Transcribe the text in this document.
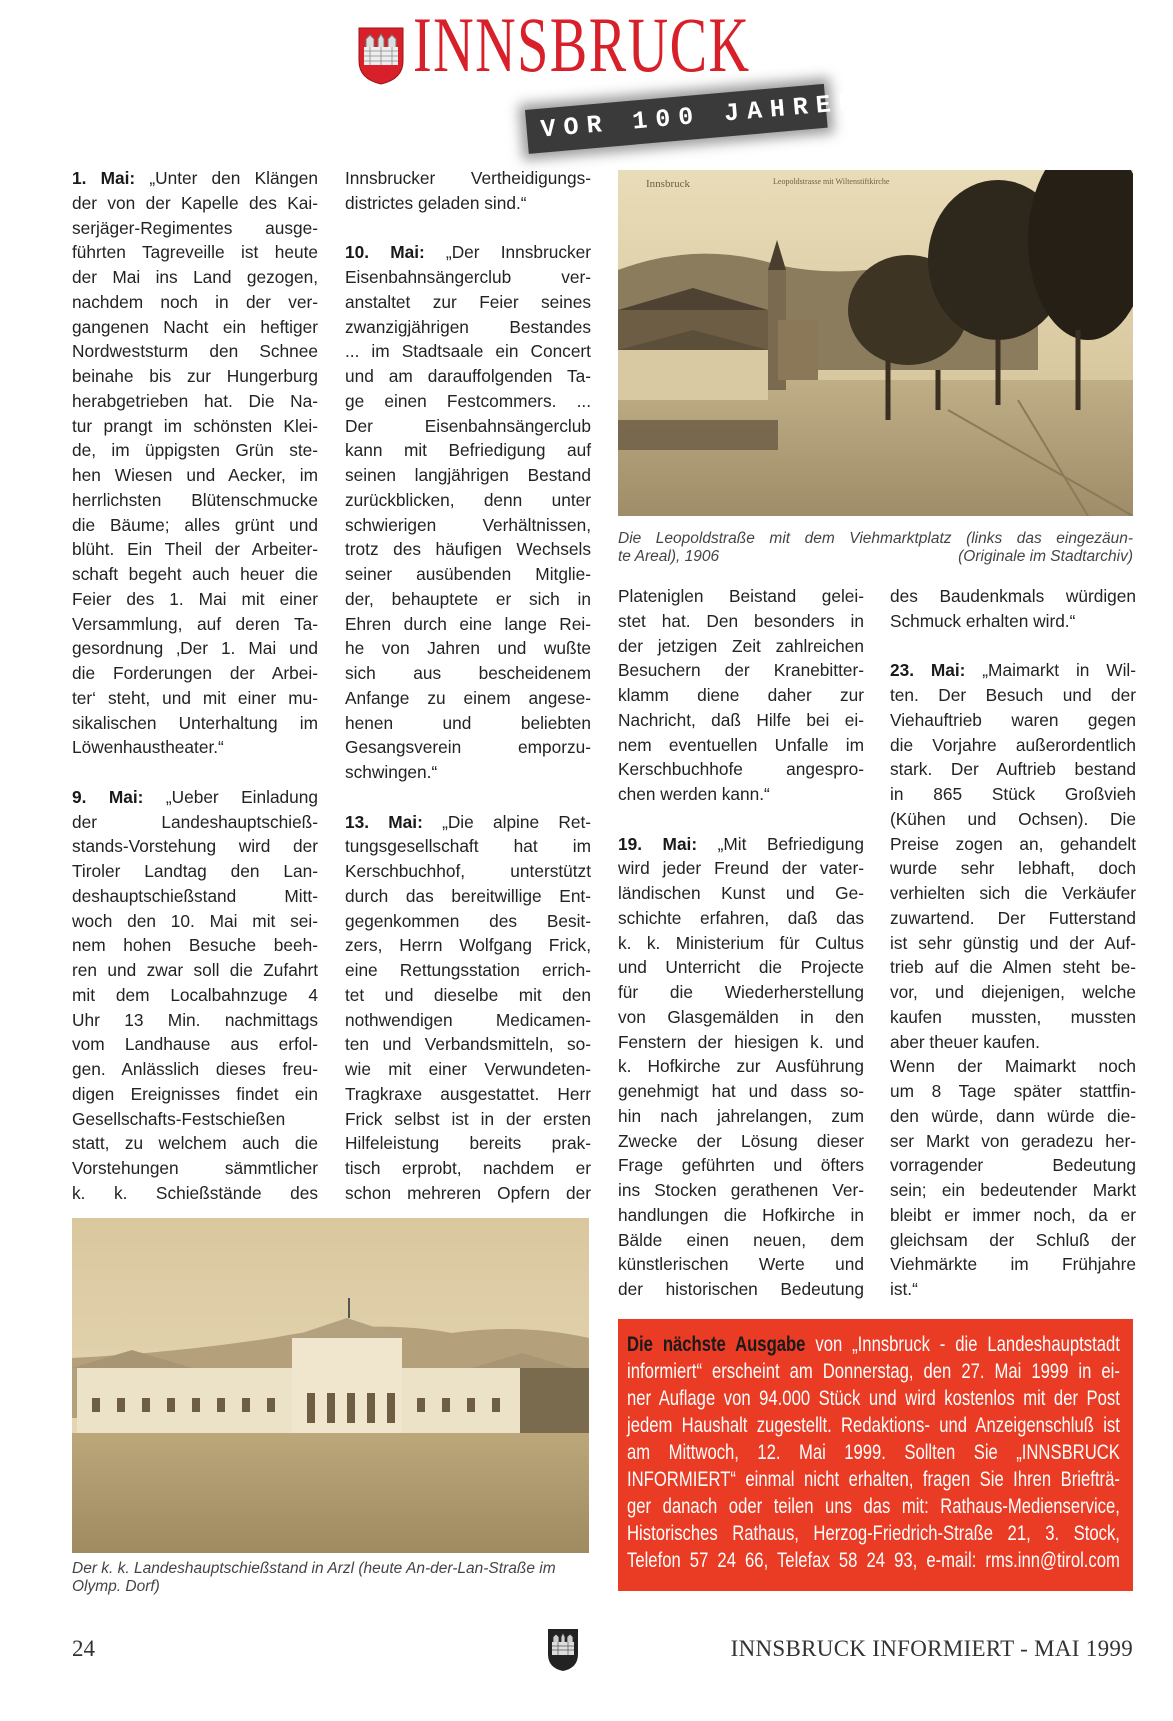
INNSBRUCK
VOR 100 JAHREN
1. Mai: „Unter den Klängen
der von der Kapelle des Kai-
serjäger-Regimentes ausge-
führten Tagreveille ist heute
der Mai ins Land gezogen,
nachdem noch in der ver-
gangenen Nacht ein heftiger
Nordweststurm den Schnee
beinahe bis zur Hungerburg
herabgetrieben hat. Die Na-
tur prangt im schönsten Klei-
de, im üppigsten Grün ste-
hen Wiesen und Aecker, im
herrlichsten Blütenschmucke
die Bäume; alles grünt und
blüht. Ein Theil der Arbeiter-
schaft begeht auch heuer die
Feier des 1. Mai mit einer
Versammlung, auf deren Ta-
gesordnung ‚Der 1. Mai und
die Forderungen der Arbei-
ter‘ steht, und mit einer mu-
sikalischen Unterhaltung im
Löwenhaustheater.“
9. Mai: „Ueber Einladung
der Landeshauptschieß-
stands-Vorstehung wird der
Tiroler Landtag den Lan-
deshauptschießstand Mitt-
woch den 10. Mai mit sei-
nem hohen Besuche beeh-
ren und zwar soll die Zufahrt
mit dem Localbahnzuge 4
Uhr 13 Min. nachmittags
vom Landhause aus erfol-
gen. Anlässlich dieses freu-
digen Ereignisses findet ein
Gesellschafts-Festschießen
statt, zu welchem auch die
Vorstehungen sämmtlicher
k. k. Schießstände des
Innsbrucker Vertheidigungs-
districtes geladen sind.“
10. Mai: „Der Innsbrucker
Eisenbahnsängerclub ver-
anstaltet zur Feier seines
zwanzigjährigen Bestandes
... im Stadtsaale ein Concert
und am darauffolgenden Ta-
ge einen Festcommers. ...
Der Eisenbahnsängerclub
kann mit Befriedigung auf
seinen langjährigen Bestand
zurückblicken, denn unter
schwierigen Verhältnissen,
trotz des häufigen Wechsels
seiner ausübenden Mitglie-
der, behauptete er sich in
Ehren durch eine lange Rei-
he von Jahren und wußte
sich aus bescheidenem
Anfange zu einem angese-
henen und beliebten
Gesangsverein emporzu-
schwingen.“
13. Mai: „Die alpine Ret-
tungsgesellschaft hat im
Kerschbuchhof, unterstützt
durch das bereitwillige Ent-
gegenkommen des Besit-
zers, Herrn Wolfgang Frick,
eine Rettungsstation errich-
tet und dieselbe mit den
nothwendigen Medicamen-
ten und Verbandsmitteln, so-
wie mit einer Verwundeten-
Tragkraxe ausgestattet. Herr
Frick selbst ist in der ersten
Hilfeleistung bereits prak-
tisch erprobt, nachdem er
schon mehreren Opfern der
Plateniglen Beistand gelei-
stet hat. Den besonders in
der jetzigen Zeit zahlreichen
Besuchern der Kranebitter-
klamm diene daher zur
Nachricht, daß Hilfe bei ei-
nem eventuellen Unfalle im
Kerschbuchhofe angespro-
chen werden kann.“
19. Mai: „Mit Befriedigung
wird jeder Freund der vater-
ländischen Kunst und Ge-
schichte erfahren, daß das
k. k. Ministerium für Cultus
und Unterricht die Projecte
für die Wiederherstellung
von Glasgemälden in den
Fenstern der hiesigen k. und
k. Hofkirche zur Ausführung
genehmigt hat und dass so-
hin nach jahrelangen, zum
Zwecke der Lösung dieser
Frage geführten und öfters
ins Stocken gerathenen Ver-
handlungen die Hofkirche in
Bälde einen neuen, dem
künstlerischen Werte und
der historischen Bedeutung
des Baudenkmals würdigen
Schmuck erhalten wird.“
23. Mai: „Maimarkt in Wil-
ten. Der Besuch und der
Viehauftrieb waren gegen
die Vorjahre außerordentlich
stark. Der Auftrieb bestand
in 865 Stück Großvieh
(Kühen und Ochsen). Die
Preise zogen an, gehandelt
wurde sehr lebhaft, doch
verhielten sich die Verkäufer
zuwartend. Der Futterstand
ist sehr günstig und der Auf-
trieb auf die Almen steht be-
vor, und diejenigen, welche
kaufen mussten, mussten
aber theuer kaufen.
Wenn der Maimarkt noch
um 8 Tage später stattfin-
den würde, dann würde die-
ser Markt von geradezu her-
vorragender Bedeutung
sein; ein bedeutender Markt
bleibt er immer noch, da er
gleichsam der Schluß der
Viehmärkte im Frühjahre
ist.“
Innsbruck	Leopoldstrasse mit Wiltenstiftkirche
Die Leopoldstraße mit dem Viehmarktplatz (links das eingezäun-
te Areal), 1906	(Originale im Stadtarchiv)
Der k. k. Landeshauptschießstand in Arzl (heute An-der-Lan-Straße im Olymp. Dorf)
Die nächste Ausgabe von „Innsbruck - die Landeshauptstadt
informiert“ erscheint am Donnerstag, den 27. Mai 1999 in ei-
ner Auflage von 94.000 Stück und wird kostenlos mit der Post
jedem Haushalt zugestellt. Redaktions- und Anzeigenschluß ist
am Mittwoch, 12. Mai 1999. Sollten Sie „INNSBRUCK
INFORMIERT“ einmal nicht erhalten, fragen Sie Ihren Briefträ-
ger danach oder teilen uns das mit: Rathaus-Medienservice,
Historisches Rathaus, Herzog-Friedrich-Straße 21, 3. Stock,
Telefon 57 24 66, Telefax 58 24 93, e-mail: rms.inn@tirol.com
24	INNSBRUCK INFORMIERT - MAI 1999
